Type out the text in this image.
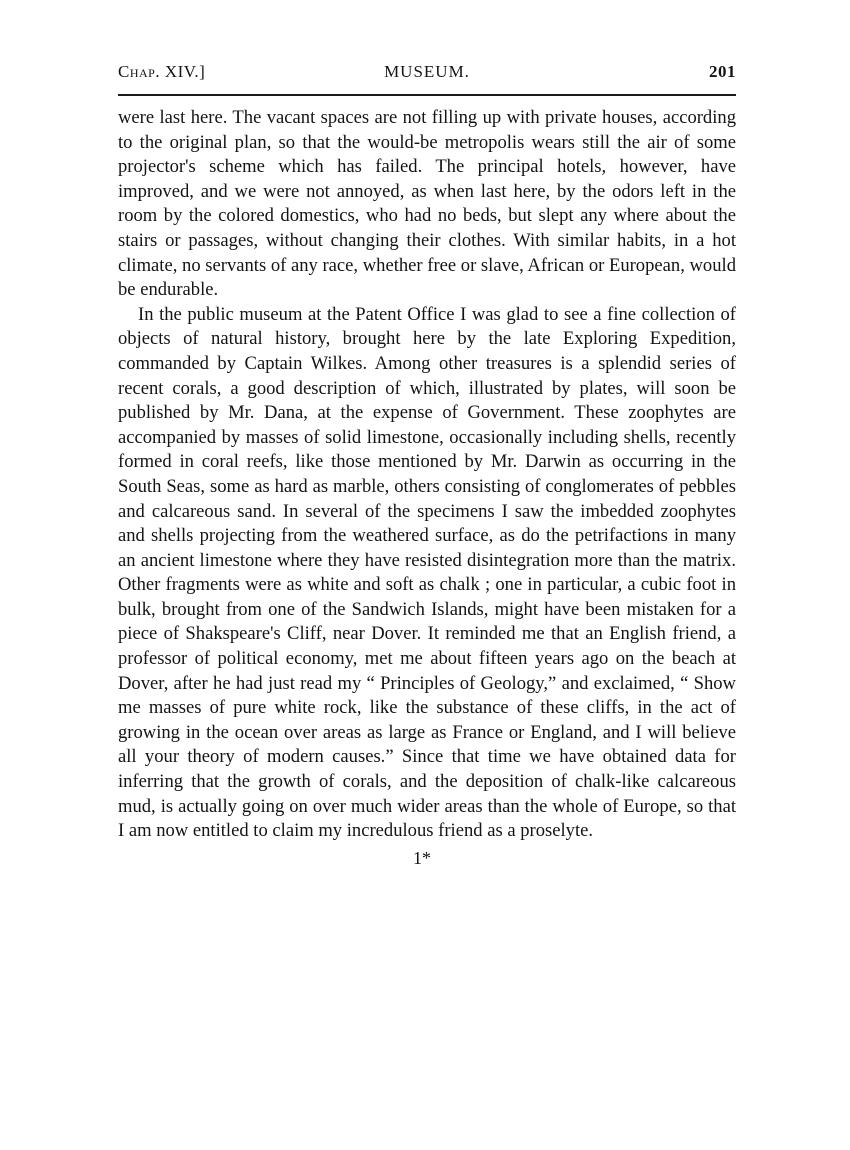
Chap. XIV.]	MUSEUM.	201

were last here. The vacant spaces are not filling up with private houses, according to the original plan, so that the would-be metropolis wears still the air of some projector's scheme which has failed. The principal hotels, however, have improved, and we were not annoyed, as when last here, by the odors left in the room by the colored domestics, who had no beds, but slept any where about the stairs or passages, without changing their clothes. With similar habits, in a hot climate, no servants of any race, whether free or slave, African or European, would be endurable.

In the public museum at the Patent Office I was glad to see a fine collection of objects of natural history, brought here by the late Exploring Expedition, commanded by Captain Wilkes. Among other treasures is a splendid series of recent corals, a good description of which, illustrated by plates, will soon be published by Mr. Dana, at the expense of Government. These zoophytes are accompanied by masses of solid limestone, occasionally including shells, recently formed in coral reefs, like those mentioned by Mr. Darwin as occurring in the South Seas, some as hard as marble, others consisting of conglomerates of pebbles and calcareous sand. In several of the specimens I saw the imbedded zoophytes and shells projecting from the weathered surface, as do the petrifactions in many an ancient limestone where they have resisted disintegration more than the matrix. Other fragments were as white and soft as chalk ; one in particular, a cubic foot in bulk, brought from one of the Sandwich Islands, might have been mistaken for a piece of Shakspeare's Cliff, near Dover. It reminded me that an English friend, a professor of political economy, met me about fifteen years ago on the beach at Dover, after he had just read my “ Principles of Geology,” and exclaimed, “ Show me masses of pure white rock, like the substance of these cliffs, in the act of growing in the ocean over areas as large as France or England, and I will believe all your theory of modern causes.” Since that time we have obtained data for inferring that the growth of corals, and the deposition of chalk-like calcareous mud, is actually going on over much wider areas than the whole of Europe, so that I am now entitled to claim my incredulous friend as a proselyte.

1*
